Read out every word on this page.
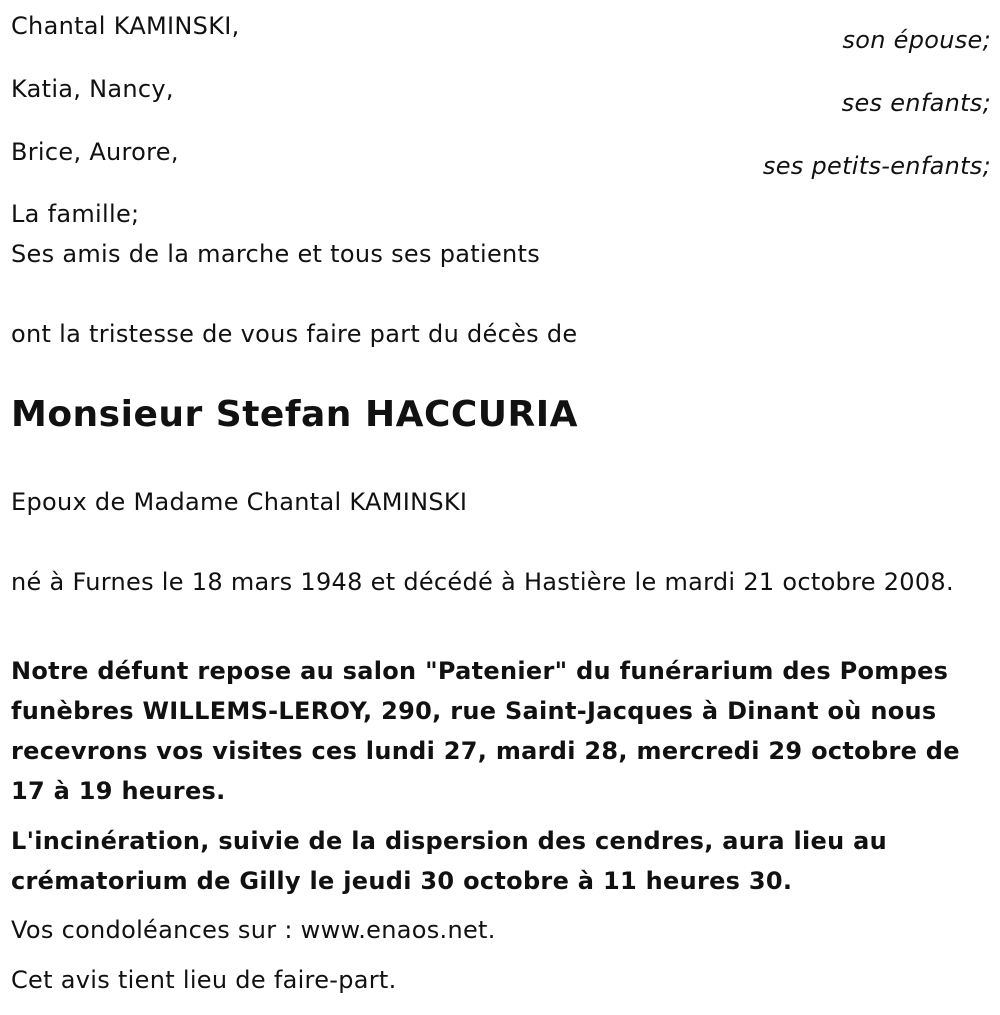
Chantal KAMINSKI,	son épouse;

Katia, Nancy,	ses enfants;

Brice, Aurore,	ses petits-enfants;

La famille;

Ses amis de la marche et tous ses patients

ont la tristesse de vous faire part du décès de

Monsieur Stefan HACCURIA

Epoux de Madame Chantal KAMINSKI

né à Furnes le 18 mars 1948 et décédé à Hastière le mardi 21 octobre 2008.

Notre défunt repose au salon "Patenier" du funérarium des Pompes funèbres WILLEMS-LEROY, 290, rue Saint-Jacques à Dinant où nous recevrons vos visites ces lundi 27, mardi 28, mercredi 29 octobre de 17 à 19 heures.

L'incinération, suivie de la dispersion des cendres, aura lieu au crématorium de Gilly le jeudi 30 octobre à 11 heures 30.

Vos condoléances sur : www.enaos.net.

Cet avis tient lieu de faire-part.
